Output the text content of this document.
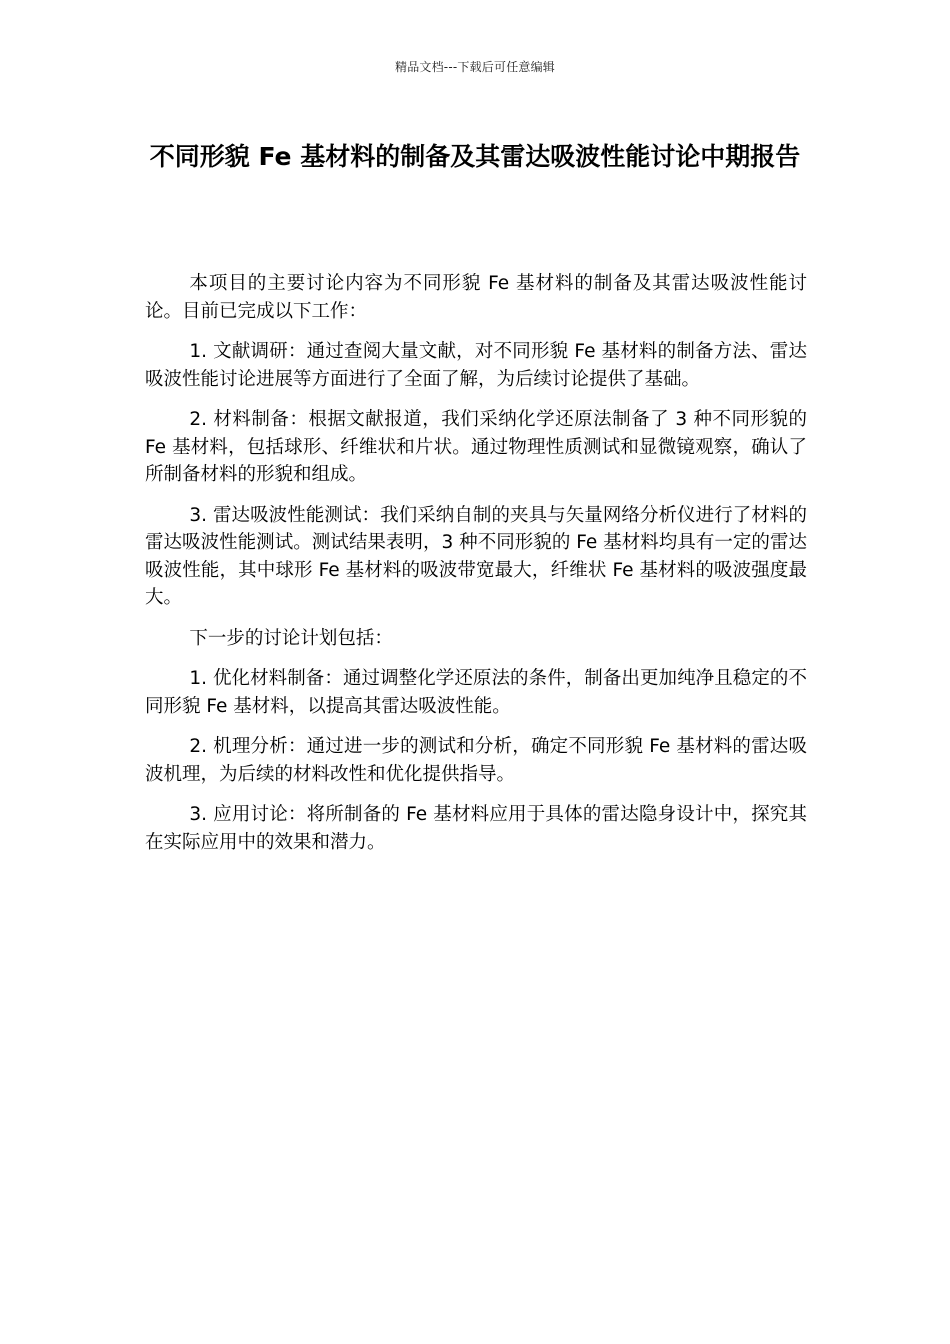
精品文档---下载后可任意编辑
不同形貌 Fe 基材料的制备及其雷达吸波性能讨论中期报告

本项目的主要讨论内容为不同形貌 Fe 基材料的制备及其雷达吸波性能讨论。目前已完成以下工作：

1. 文献调研：通过查阅大量文献，对不同形貌 Fe 基材料的制备方法、雷达吸波性能讨论进展等方面进行了全面了解，为后续讨论提供了基础。

2. 材料制备：根据文献报道，我们采纳化学还原法制备了 3 种不同形貌的 Fe 基材料，包括球形、纤维状和片状。通过物理性质测试和显微镜观察，确认了所制备材料的形貌和组成。

3. 雷达吸波性能测试：我们采纳自制的夹具与矢量网络分析仪进行了材料的雷达吸波性能测试。测试结果表明，3 种不同形貌的 Fe 基材料均具有一定的雷达吸波性能，其中球形 Fe 基材料的吸波带宽最大，纤维状 Fe 基材料的吸波强度最大。

下一步的讨论计划包括：

1. 优化材料制备：通过调整化学还原法的条件，制备出更加纯净且稳定的不同形貌 Fe 基材料，以提高其雷达吸波性能。

2. 机理分析：通过进一步的测试和分析，确定不同形貌 Fe 基材料的雷达吸波机理，为后续的材料改性和优化提供指导。

3. 应用讨论：将所制备的 Fe 基材料应用于具体的雷达隐身设计中，探究其在实际应用中的效果和潜力。
